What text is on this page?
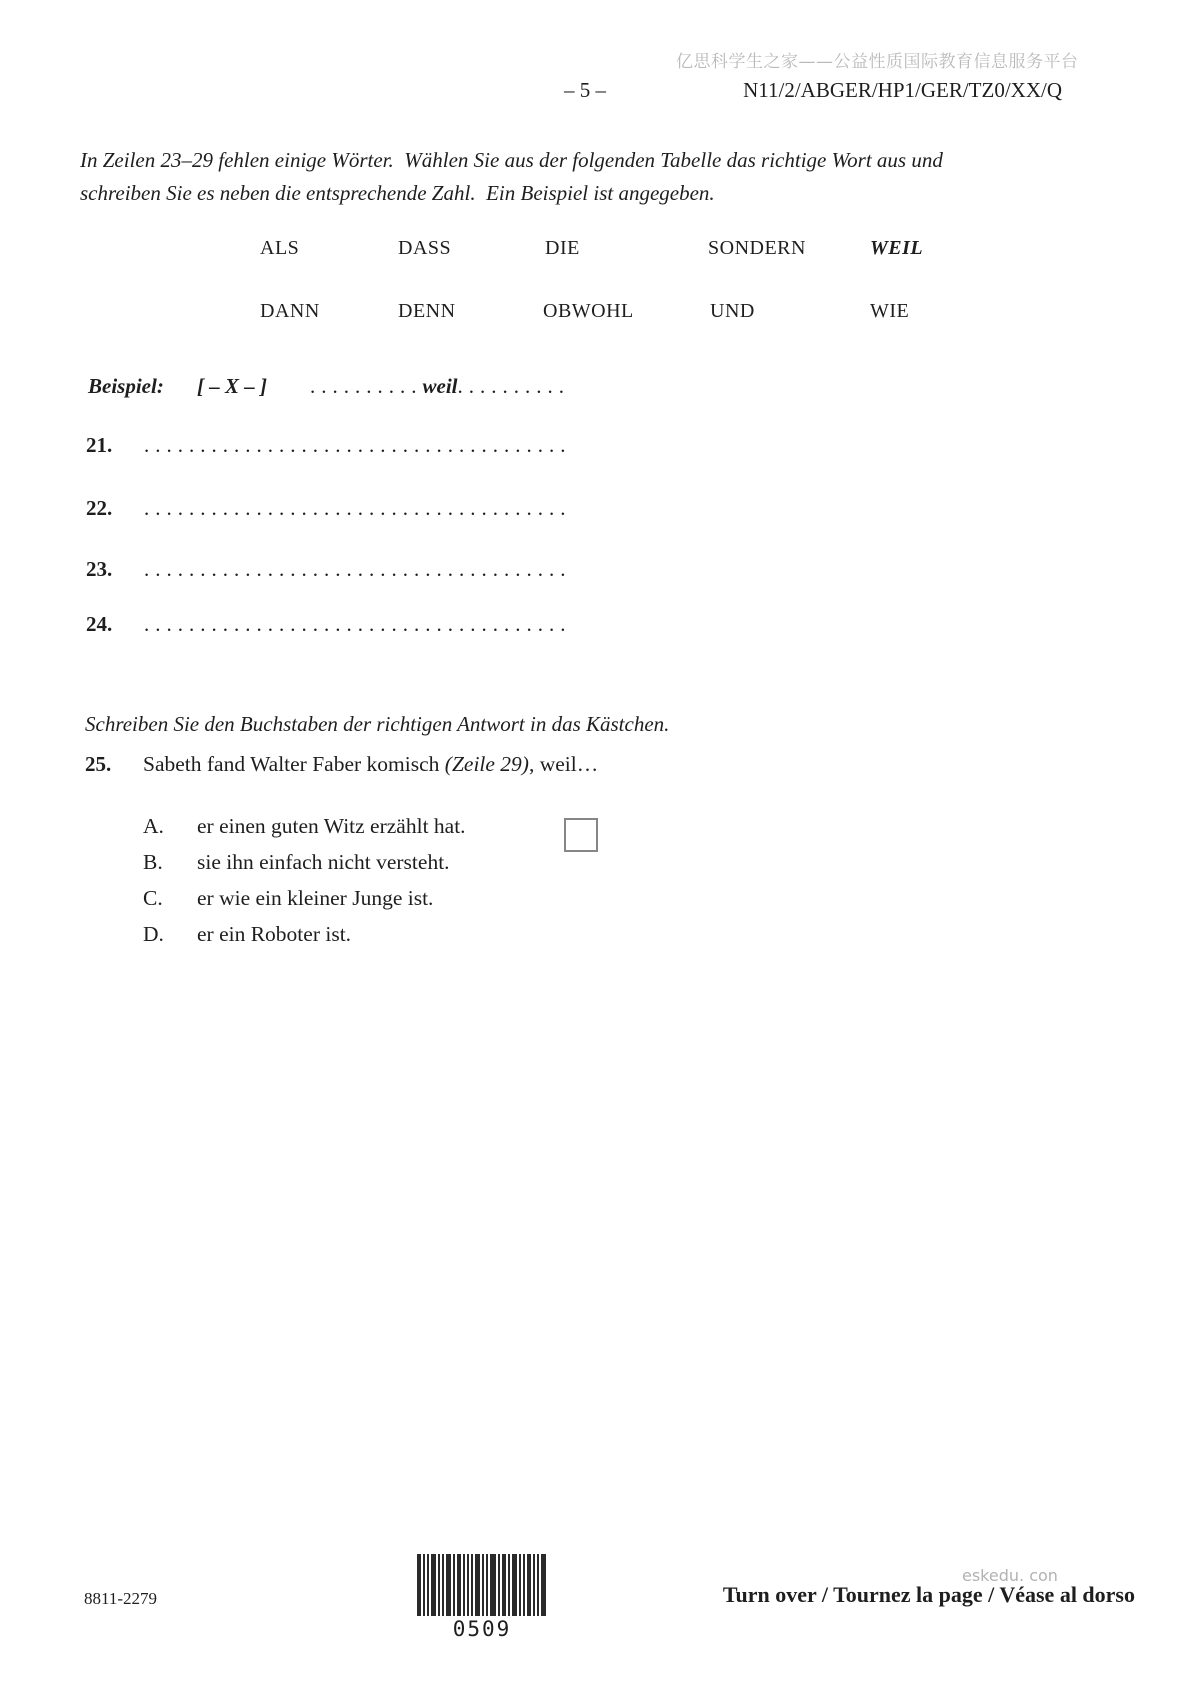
亿思科学生之家——公益性质国际教育信息服务平台
– 5 –	N11/2/ABGER/HP1/GER/TZ0/XX/Q
In Zeilen 23–29 fehlen einige Wörter.  Wählen Sie aus der folgenden Tabelle das richtige Wort aus und
schreiben Sie es neben die entsprechende Zahl.  Ein Beispiel ist angegeben.
ALS	DASS	DIE	SONDERN	WEIL
DANN	DENN	OBWOHL	UND	WIE
Beispiel: [ – X – ] ..........weil..........
21. ......................................
22. ......................................
23. ......................................
24. ......................................
Schreiben Sie den Buchstaben der richtigen Antwort in das Kästchen.
25. Sabeth fand Walter Faber komisch (Zeile 29), weil…
A. er einen guten Witz erzählt hat.
B. sie ihn einfach nicht versteht.
C. er wie ein kleiner Junge ist.
D. er ein Roboter ist.
8811-2279
0509
eskedu. con
Turn over / Tournez la page / Véase al dorso
